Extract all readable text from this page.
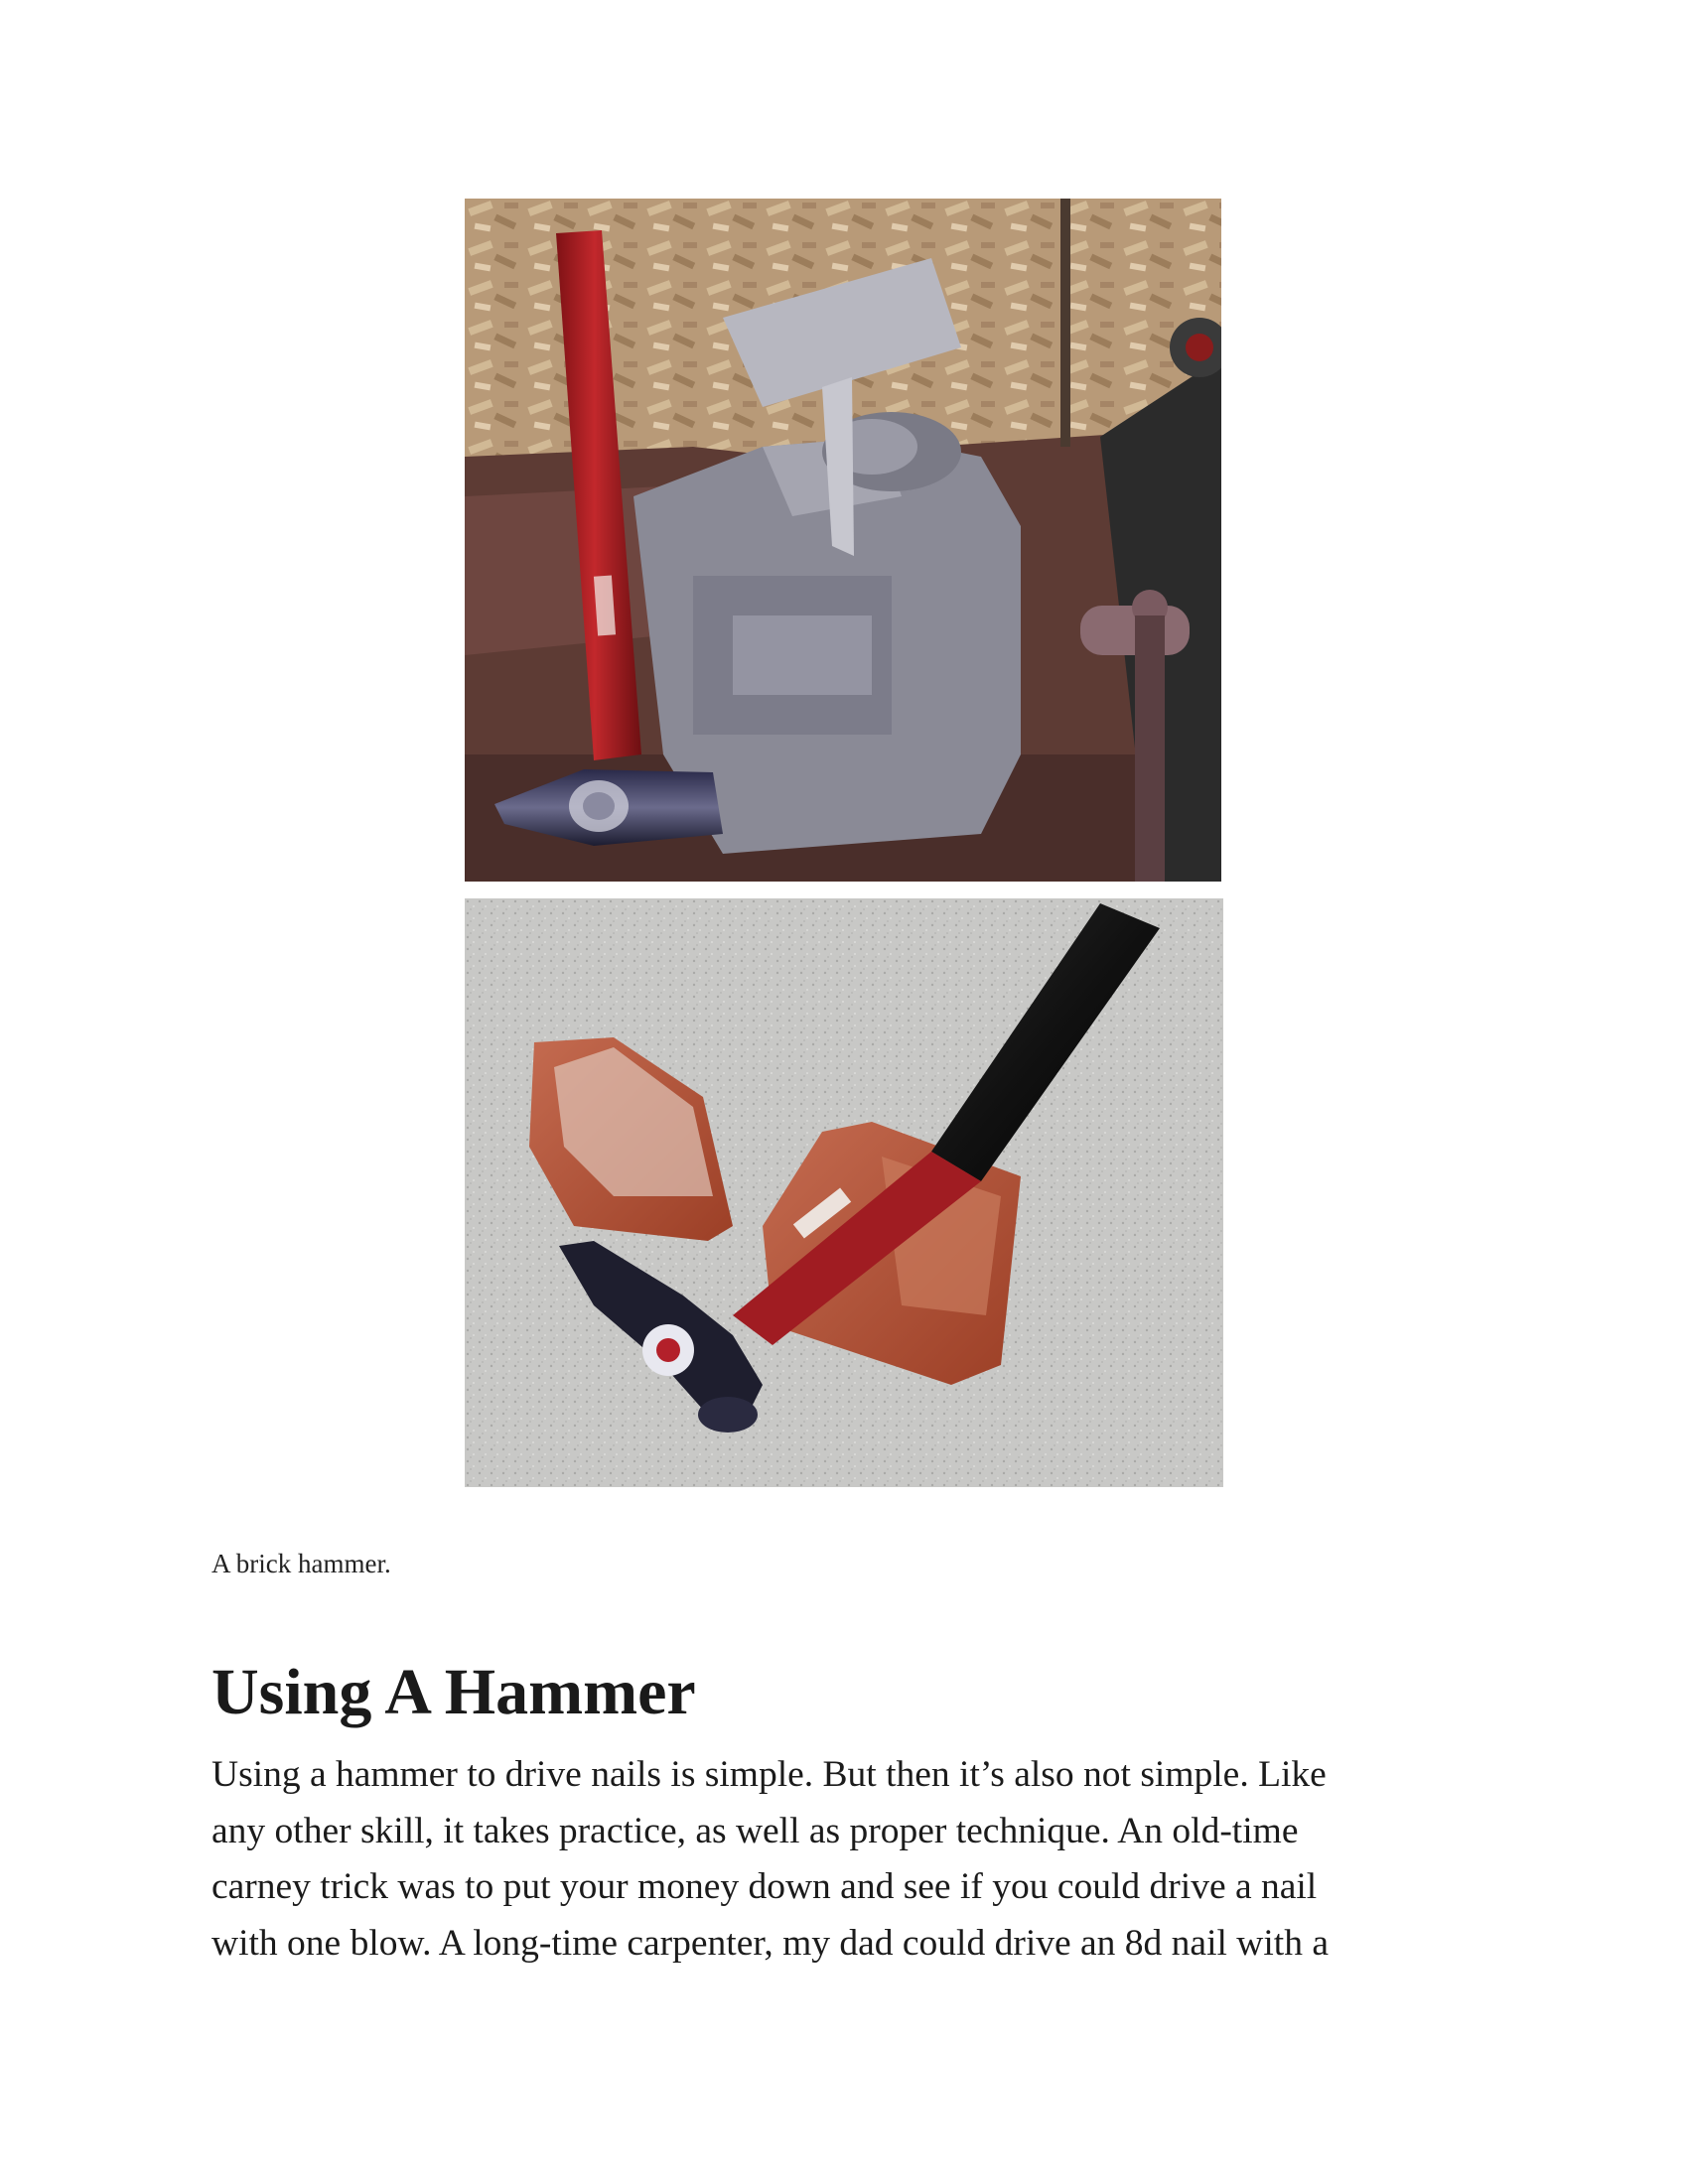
A brick hammer.
Using A Hammer

Using a hammer to drive nails is simple. But then it’s also not simple. Like
any other skill, it takes practice, as well as proper technique. An old-time
carney trick was to put your money down and see if you could drive a nail
with one blow. A long-time carpenter, my dad could drive an 8d nail with a
